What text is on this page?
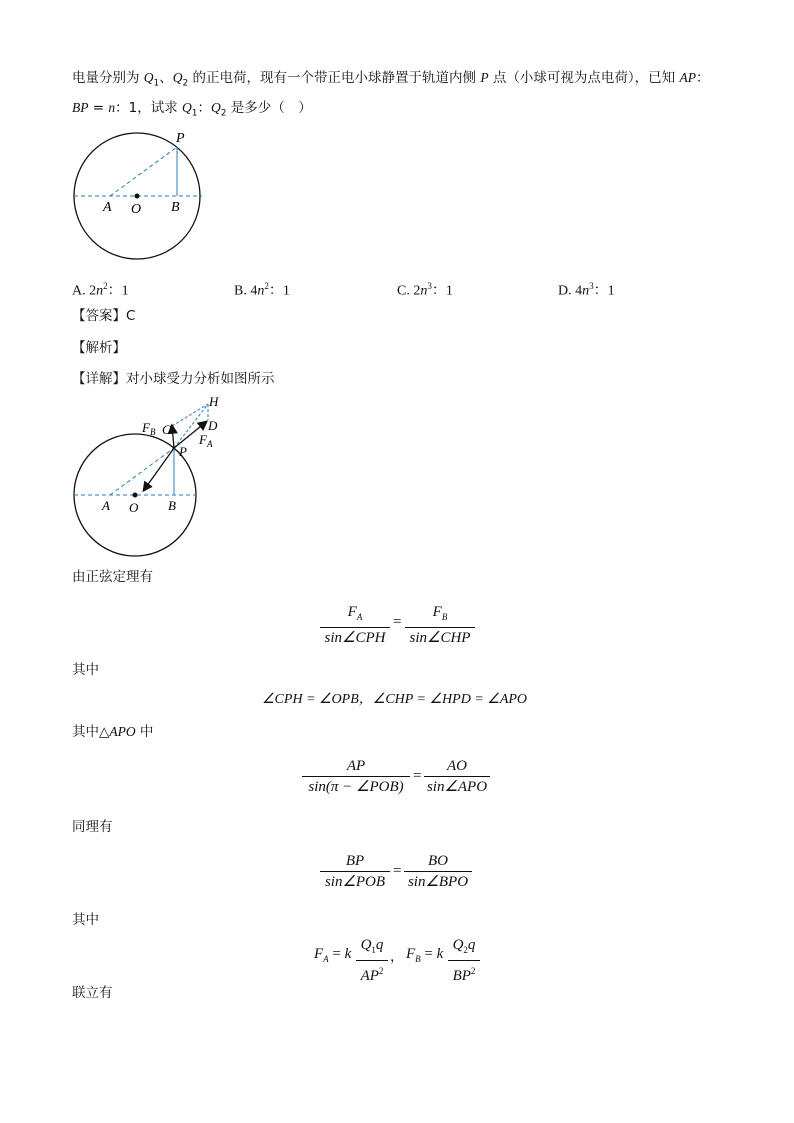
电量分别为 $Q_1$、$Q_2$ 的正电荷，现有一个带正电小球静置于轨道内侧 P 点（小球可视为点电荷），已知 AP：
BP = n：1，试求 $Q_1$：$Q_2$ 是多少（　）
P
A O B
A. $2n^2$：1	B. $4n^2$：1	C. $2n^3$：1	D. $4n^3$：1
【答案】C
【解析】
【详解】对小球受力分析如图所示
$F_B$ C
H
D
$F_A$
P
A O B
由正弦定理有
$F_A$
sin∠CPH
=
$F_B$
sin∠CHP
其中
∠CPH = ∠OPB，∠CHP = ∠HPD = ∠APO
其中△APO 中
AP
sin(π − ∠POB)
=
AO
sin∠APO
同理有
BP
sin∠POB
=
BO
sin∠BPO
其中
$F_A = k$
$Q_1q$
$AP^2$
， $F_B = k$
$Q_2q$
$BP^2$
联立有
